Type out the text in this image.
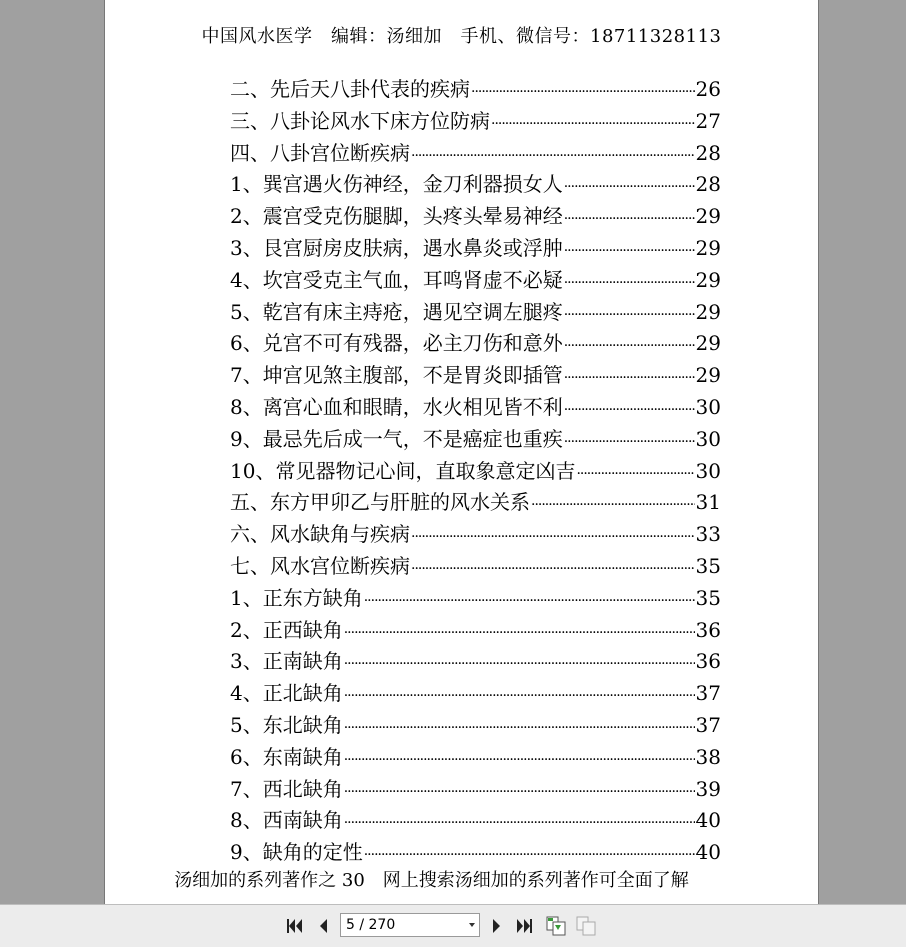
中国风水医学　编辑：汤细加　手机、微信号：18711328113
二、先后天八卦代表的疾病 ·····	26
三、八卦论风水下床方位防病 ·····	27
四、八卦宫位断疾病 ·····	28
1、巽宫遇火伤神经，金刀利器损女人 ·····	28
2、震宫受克伤腿脚，头疼头晕易神经 ·····	29
3、艮宫厨房皮肤病，遇水鼻炎或浮肿 ·····	29
4、坎宫受克主气血，耳鸣肾虚不必疑 ·····	29
5、乾宫有床主痔疮，遇见空调左腿疼 ·····	29
6、兑宫不可有残器，必主刀伤和意外 ·····	29
7、坤宫见煞主腹部，不是胃炎即插管 ·····	29
8、离宫心血和眼睛，水火相见皆不利 ·····	30
9、最忌先后成一气，不是癌症也重疾 ·····	30
10、常见器物记心间，直取象意定凶吉 ·····	30
五、东方甲卯乙与肝脏的风水关系 ·····	31
六、风水缺角与疾病 ·····	33
七、风水宫位断疾病 ·····	35
1、正东方缺角 ·····	35
2、正西缺角 ·····	36
3、正南缺角 ·····	36
4、正北缺角 ·····	37
5、东北缺角 ·····	37
6、东南缺角 ·····	38
7、西北缺角 ·····	39
8、西南缺角 ·····	40
9、缺角的定性 ·····	40
汤细加的系列著作之 30　网上搜索汤细加的系列著作可全面了解
5 / 270
